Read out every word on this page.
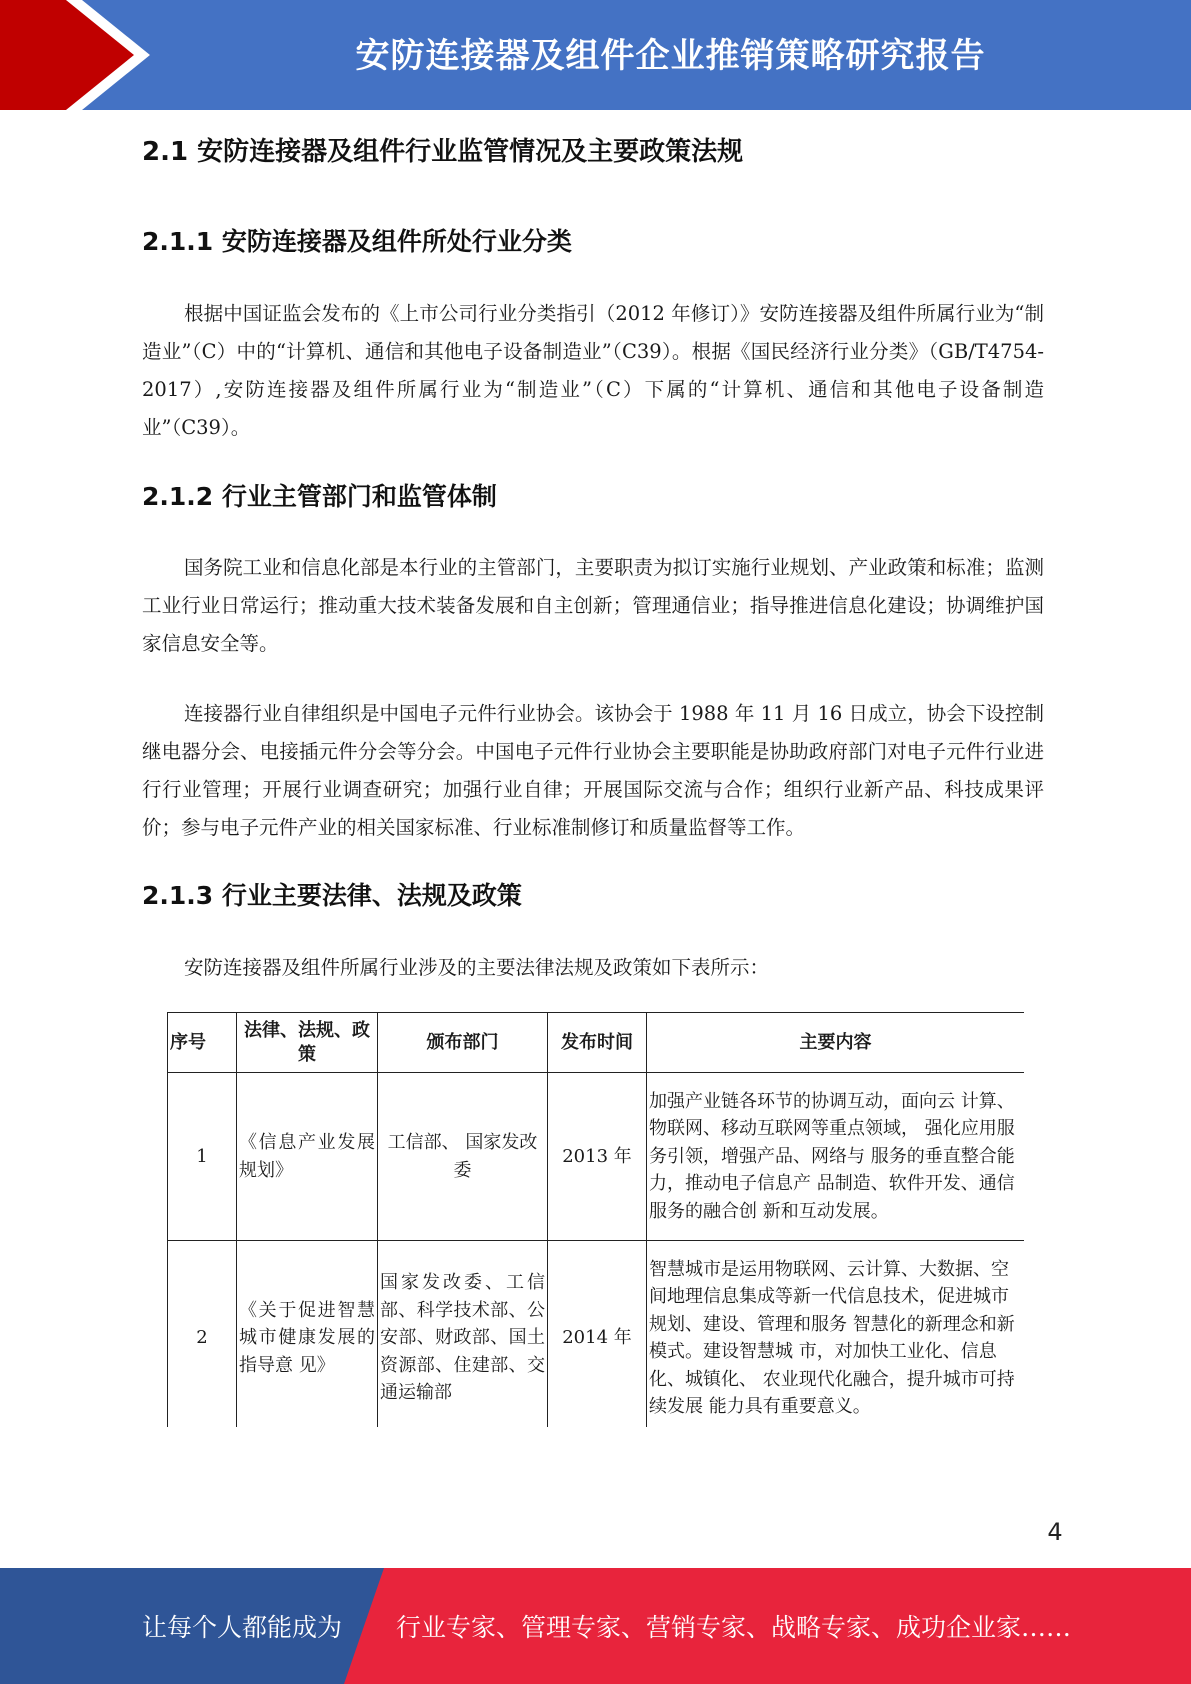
安防连接器及组件企业推销策略研究报告
2.1 安防连接器及组件行业监管情况及主要政策法规
2.1.1 安防连接器及组件所处行业分类
根据中国证监会发布的《上市公司行业分类指引（2012 年修订）》安防连接器及组件所属行业为“制造业”（C）中的“计算机、通信和其他电子设备制造业”（C39）。根据《国民经济行业分类》（GB/T4754-2017）,安防连接器及组件所属行业为“制造业”（C）下属的“计算机、通信和其他电子设备制造业”（C39）。
2.1.2 行业主管部门和监管体制
国务院工业和信息化部是本行业的主管部门，主要职责为拟订实施行业规划、产业政策和标准；监测工业行业日常运行；推动重大技术装备发展和自主创新；管理通信业；指导推进信息化建设；协调维护国家信息安全等。
连接器行业自律组织是中国电子元件行业协会。该协会于 1988 年 11 月 16 日成立，协会下设控制继电器分会、电接插元件分会等分会。中国电子元件行业协会主要职能是协助政府部门对电子元件行业进行行业管理；开展行业调查研究；加强行业自律；开展国际交流与合作；组织行业新产品、科技成果评价；参与电子元件产业的相关国家标准、行业标准制修订和质量监督等工作。
2.1.3 行业主要法律、法规及政策
安防连接器及组件所属行业涉及的主要法律法规及政策如下表所示：
序号	法律、法规、政策	颁布部门	发布时间	主要内容
1	《信息产业发展规划》	工信部、 国家发改委	2013 年	加强产业链各环节的协调互动，面向云 计算、物联网、移动互联网等重点领域， 强化应用服务引领，增强产品、网络与 服务的垂直整合能力，推动电子信息产 品制造、软件开发、通信服务的融合创 新和互动发展。
2	《关于促进智慧城市健康发展的指导意 见》	国家发改委、工信部、科学技术部、公安部、财政部、国土资源部、住建部、交通运输部	2014 年	智慧城市是运用物联网、云计算、大数据、空间地理信息集成等新一代信息技术，促进城市规划、建设、管理和服务 智慧化的新理念和新模式。建设智慧城 市，对加快工业化、信息化、城镇化、 农业现代化融合，提升城市可持续发展 能力具有重要意义。
4
让每个人都能成为 行业专家、管理专家、营销专家、战略专家、成功企业家……
